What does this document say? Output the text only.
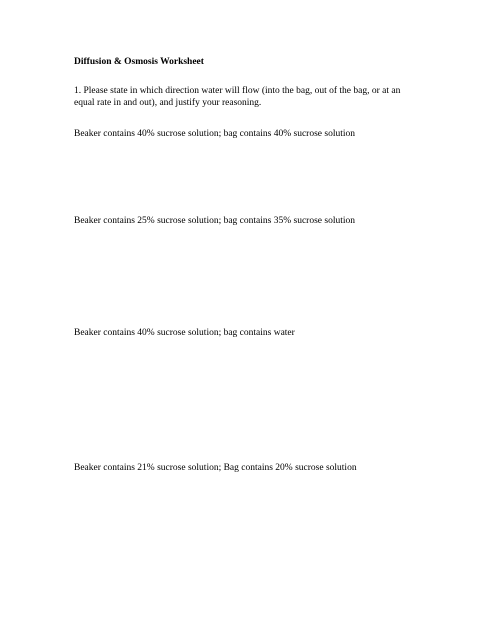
Diffusion & Osmosis Worksheet
1. Please state in which direction water will flow (into the bag, out of the bag, or at an
equal rate in and out), and justify your reasoning.
Beaker contains 40% sucrose solution; bag contains 40% sucrose solution
Beaker contains 25% sucrose solution; bag contains 35% sucrose solution
Beaker contains 40% sucrose solution; bag contains water
Beaker contains 21% sucrose solution; Bag contains 20% sucrose solution
